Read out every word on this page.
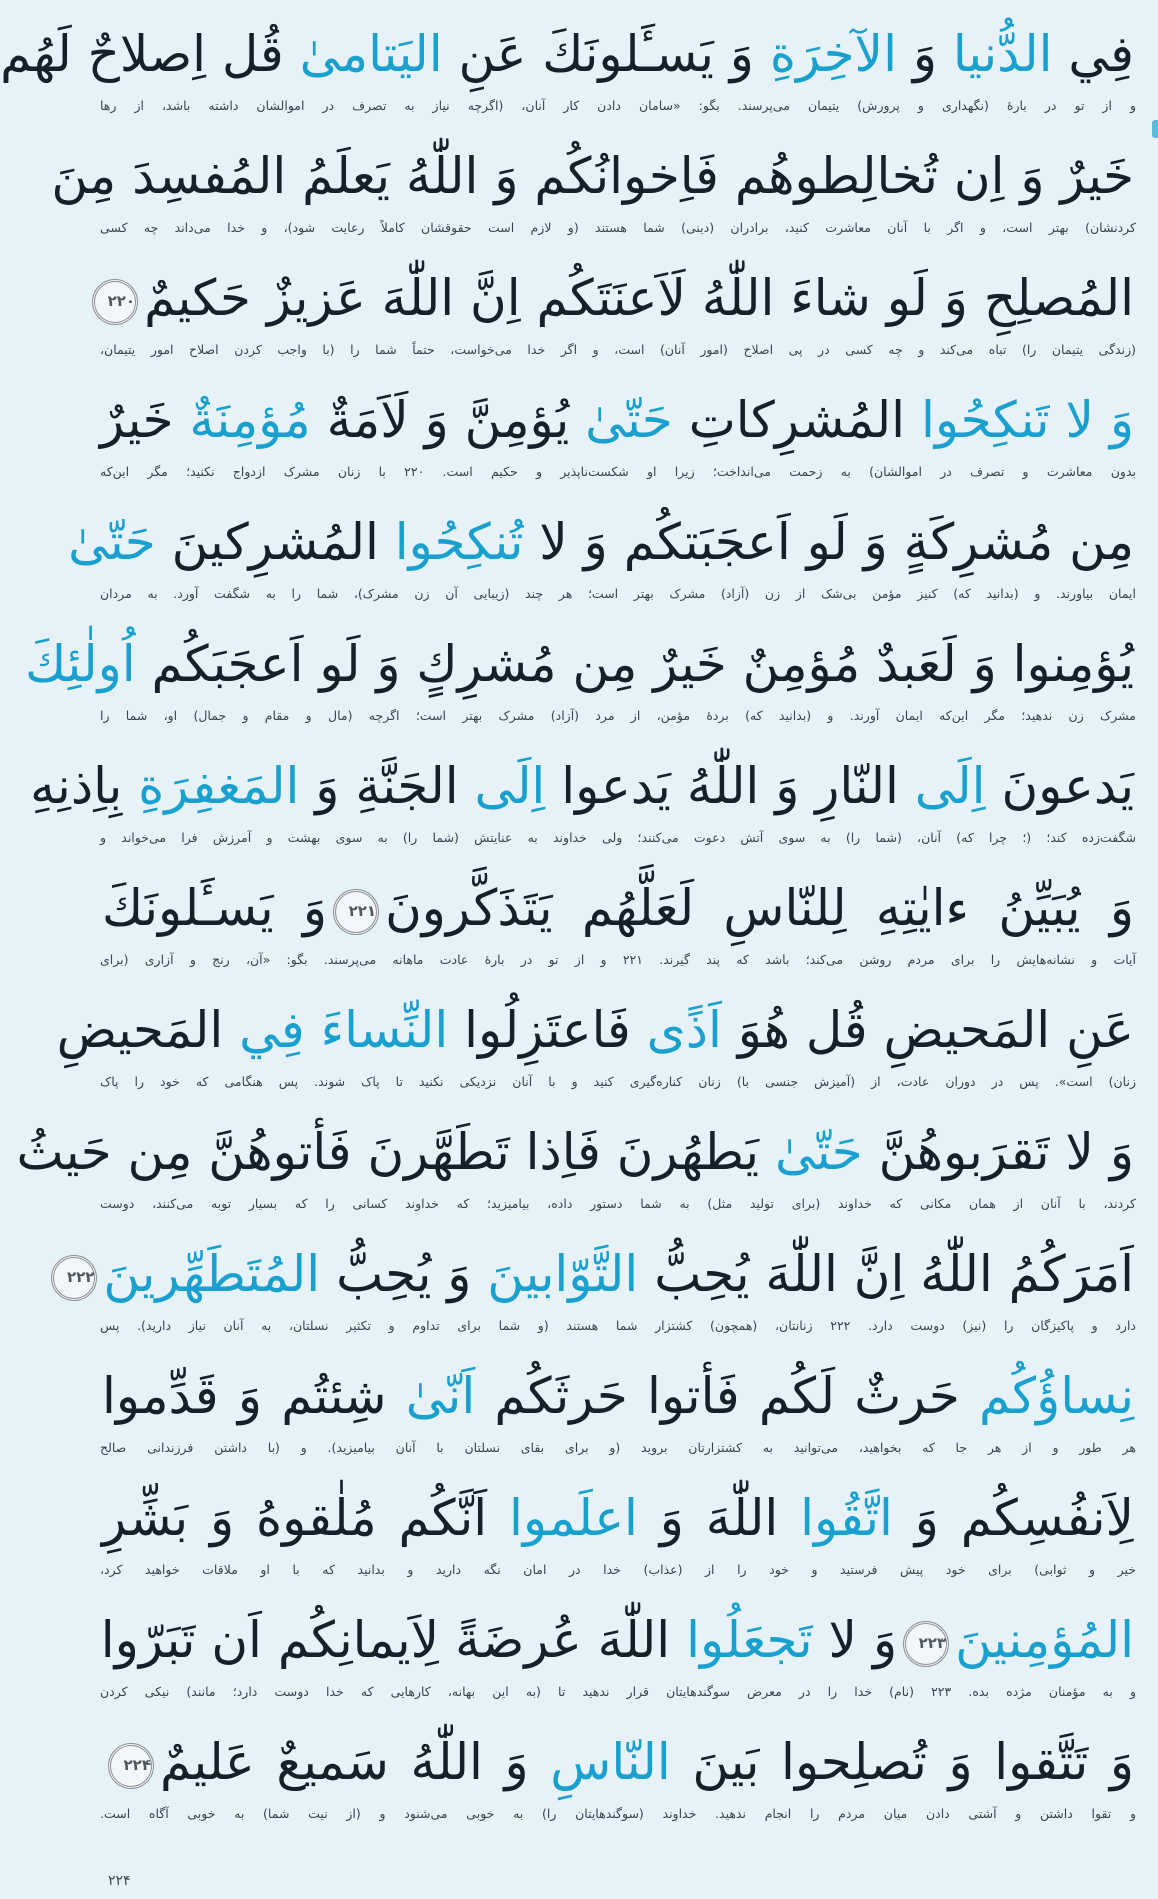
فِي الدُّنيا وَ الآخِرَةِ وَ يَسـَٔلونَكَ عَنِ اليَتامیٰ قُل اِصلاحٌ لَهُم
و از تو در بارهٔ (نگهداری و پرورش) یتیمان می‌پرسند. بگو: «سامان دادن کار آنان، (اگرچه نیاز به تصرف در اموالشان داشته باشد، از رها
خَيرٌ وَ اِن تُخالِطوهُم فَاِخوانُكُم وَ اللّٰهُ يَعلَمُ المُفسِدَ مِنَ
کردنشان) بهتر است، و اگر با آنان معاشرت کنید، برادران (دینی) شما هستند (و لازم است حقوقشان کاملاً رعایت شود)، و خدا می‌داند چه کسی
المُصلِحِ وَ لَو شاءَ اللّٰهُ لَاَعنَتَكُم اِنَّ اللّٰهَ عَزيزٌ حَكيمٌ۲۲۰
(زندگی یتیمان را) تباه می‌کند و چه کسی در پی اصلاح (امور آنان) است، و اگر خدا می‌خواست، حتماً شما را (با واجب کردن اصلاح امور یتیمان،
وَ لا تَنكِحُوا المُشرِكاتِ حَتّیٰ يُؤمِنَّ وَ لَاَمَةٌ مُؤمِنَةٌ خَيرٌ
بدون معاشرت و تصرف در اموالشان) به زحمت می‌انداخت؛ زیرا او شکست‌ناپذیر و حکیم است. ۲۲۰ با زنان مشرک ازدواج نکنید؛ مگر این‌که
مِن مُشرِكَةٍ وَ لَو اَعجَبَتكُم وَ لا تُنكِحُوا المُشرِكينَ حَتّیٰ
ایمان بیاورند. و (بدانید که) کنیز مؤمن بی‌شک از زن (آزاد) مشرک بهتر است؛ هر چند (زیبایی آن زن مشرک)، شما را به شگفت آورد. به مردان
يُؤمِنوا وَ لَعَبدٌ مُؤمِنٌ خَيرٌ مِن مُشرِكٍ وَ لَو اَعجَبَكُم اُولٰئِكَ
مشرک زن ندهید؛ مگر این‌که ایمان آورند. و (بدانید که) بردهٔ مؤمن، از مرد (آزاد) مشرک بهتر است؛ اگرچه (مال و مقام و جمال) او، شما را
يَدعونَ اِلَى النّارِ وَ اللّٰهُ يَدعوا اِلَى الجَنَّةِ وَ المَغفِرَةِ بِاِذنِهِ
شگفت‌زده کند؛ (؛ چرا که) آنان، (شما را) به سوی آتش دعوت می‌کنند؛ ولی خداوند به عنایتش (شما را) به سوی بهشت و آمرزش فرا می‌خواند و
وَ يُبَيِّنُ ءايٰتِهِ لِلنّاسِ لَعَلَّهُم يَتَذَكَّرونَ۲۲۱وَ يَسـَٔلونَكَ
آیات و نشانه‌هایش را برای مردم روشن می‌کند؛ باشد که پند گیرند. ۲۲۱ و از تو در بارهٔ عادت ماهانه می‌پرسند. بگو: «آن، رنج و آزاری (برای
عَنِ المَحيضِ قُل هُوَ اَذًى فَاعتَزِلُوا النِّساءَ فِي المَحيضِ
زنان) است». پس در دوران عادت، از (آمیزش جنسی با) زنان کناره‌گیری کنید و با آنان نزدیکی نکنید تا پاک شوند. پس هنگامی که خود را پاک
وَ لا تَقرَبوهُنَّ حَتّیٰ يَطهُرنَ فَاِذا تَطَهَّرنَ فَأتوهُنَّ مِن حَيثُ
کردند، با آنان از همان مکانی که خداوند (برای تولید مثل) به شما دستور داده، بیامیزید؛ که خداوند کسانی را که بسیار توبه می‌کنند، دوست
اَمَرَكُمُ اللّٰهُ اِنَّ اللّٰهَ يُحِبُّ التَّوّابينَ وَ يُحِبُّ المُتَطَهِّرينَ۲۲۲
دارد و پاکیزگان را (نیز) دوست دارد. ۲۲۲ زنانتان، (همچون) کشتزار شما هستند (و شما برای تداوم و تکثیر نسلتان، به آنان نیاز دارید). پس
نِساؤُكُم حَرثٌ لَكُم فَأتوا حَرثَكُم اَنّیٰ شِئتُم وَ قَدِّموا
هر طور و از هر جا که بخواهید، می‌توانید به کشتزارتان بروید (و برای بقای نسلتان با آنان بیامیزید). و (با داشتن فرزندانی صالح
لِاَنفُسِكُم وَ اتَّقُوا اللّٰهَ وَ اعلَموا اَنَّكُم مُلٰقوهُ وَ بَشِّرِ
خیر و ثوابی) برای خود پیش فرستید و خود را از (عذاب) خدا در امان نگه دارید و بدانید که با او ملاقات خواهید کرد،
المُؤمِنينَ۲۲۳وَ لا تَجعَلُوا اللّٰهَ عُرضَةً لِاَيمانِكُم اَن تَبَرّوا
و به مؤمنان مژده بده. ۲۲۳ (نام) خدا را در معرض سوگندهایتان قرار ندهید تا (به این بهانه، کارهایی که خدا دوست دارد؛ مانند) نیکی کردن
وَ تَتَّقوا وَ تُصلِحوا بَينَ النّاسِ وَ اللّٰهُ سَميعٌ عَليمٌ۲۲۴
و تقوا داشتن و آشتی دادن میان مردم را انجام ندهید. خداوند (سوگندهایتان را) به خوبی می‌شنود و (از نیت شما) به خوبی آگاه است.
۲۲۴
